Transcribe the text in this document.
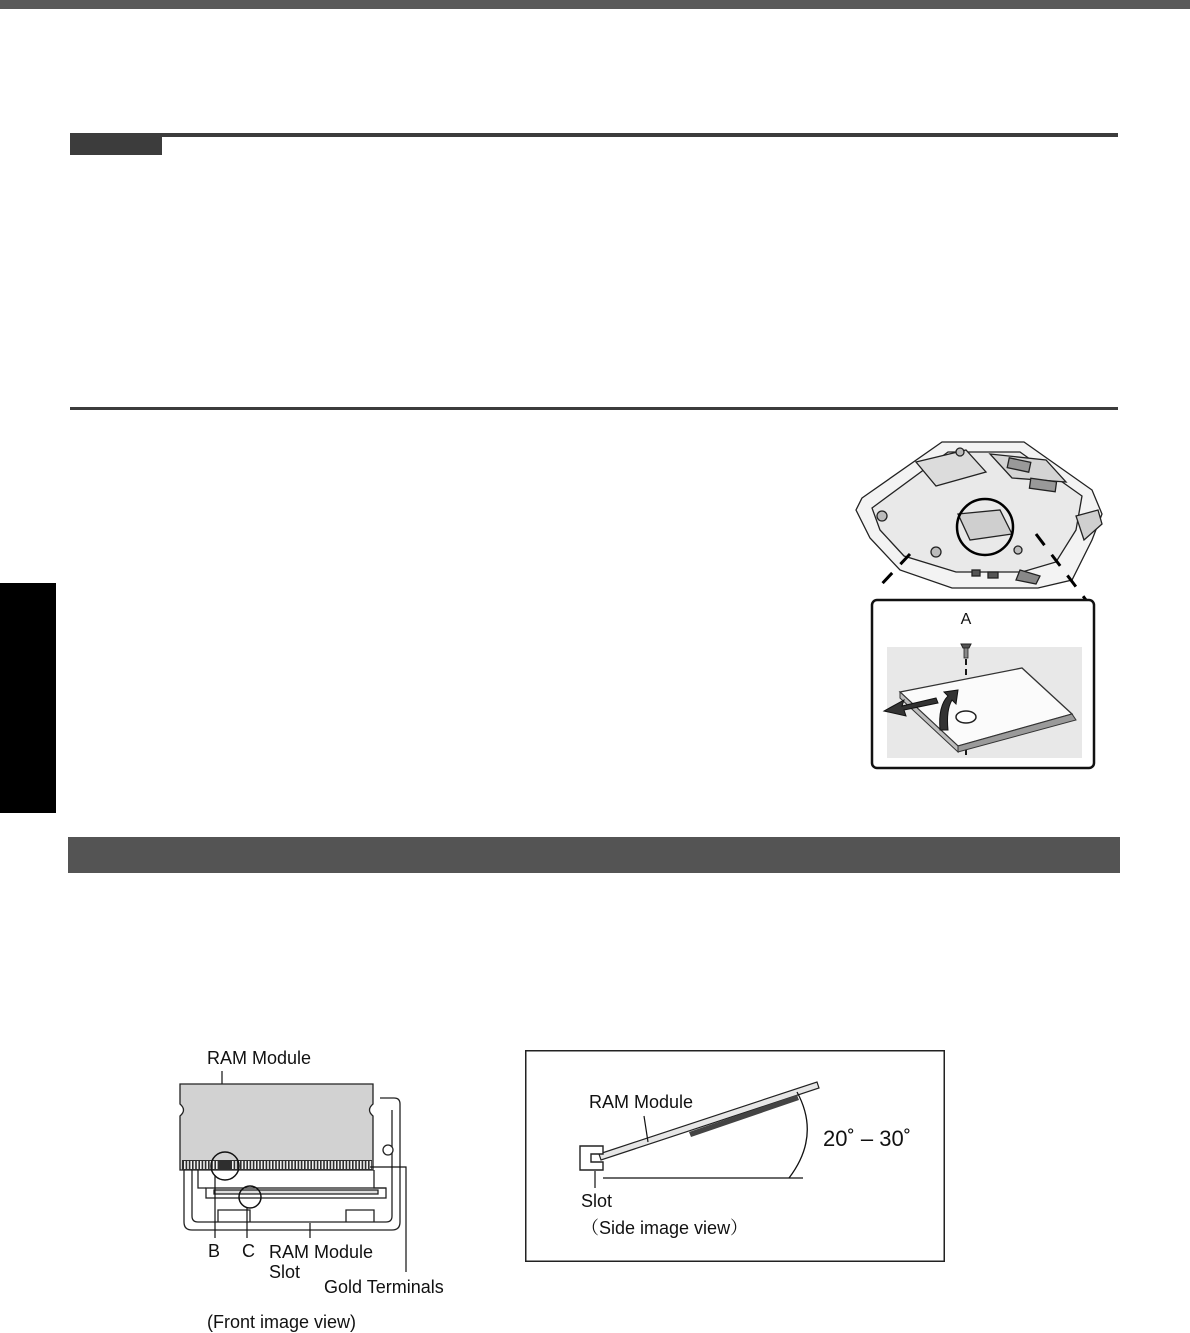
A
RAM Module
B C RAM Module
Slot
Gold Terminals
(Front image view)
RAM Module
20˚ – 30˚
Slot
（Side image view）
